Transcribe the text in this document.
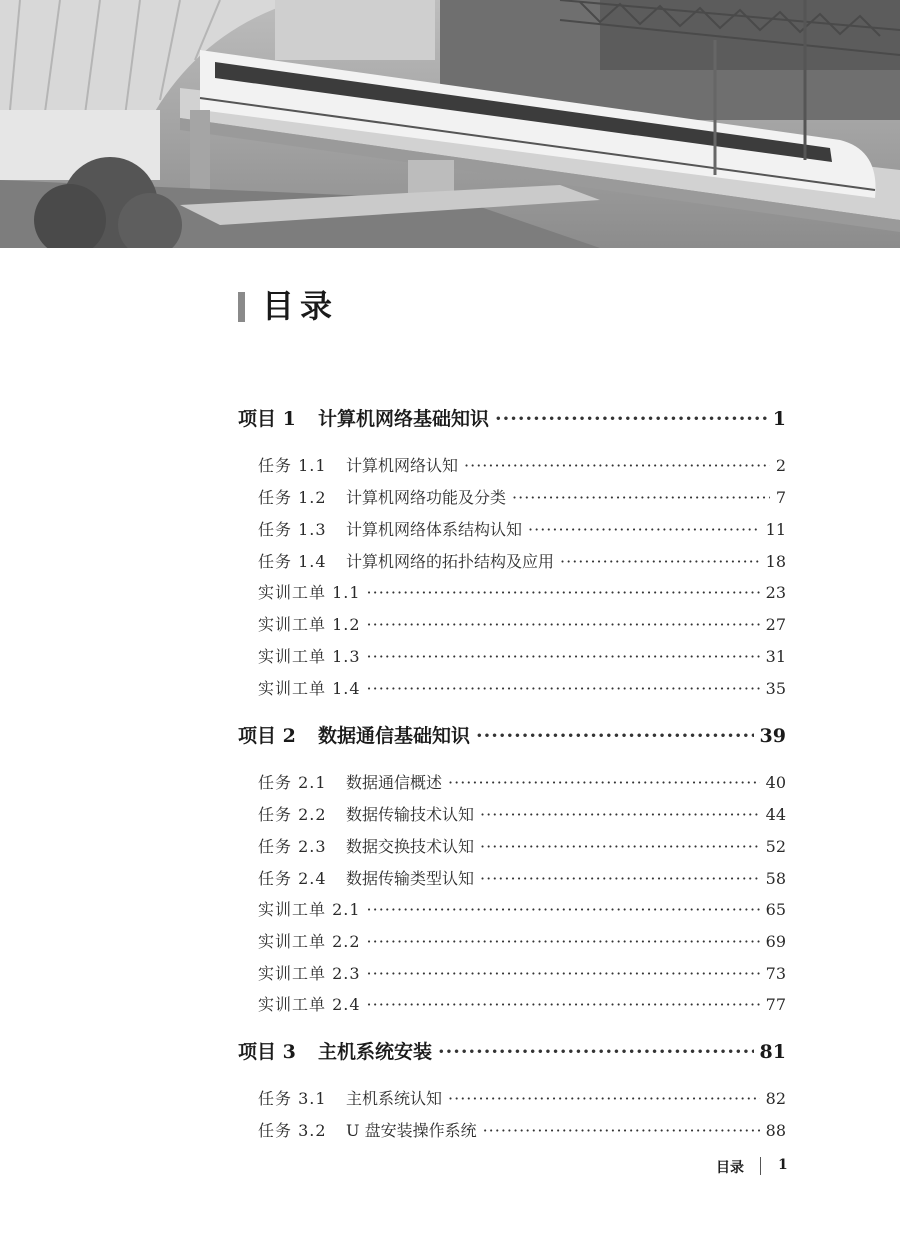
目录
项目 1	计算机网络基础知识 ·····	1
任务 1.1	计算机网络认知 ·····	2
任务 1.2	计算机网络功能及分类 ·····	7
任务 1.3	计算机网络体系结构认知 ·····	11
任务 1.4	计算机网络的拓扑结构及应用 ·····	18
实训工单 1.1 ·····	23
实训工单 1.2 ·····	27
实训工单 1.3 ·····	31
实训工单 1.4 ·····	35
项目 2	数据通信基础知识 ·····	39
任务 2.1	数据通信概述 ·····	40
任务 2.2	数据传输技术认知 ·····	44
任务 2.3	数据交换技术认知 ·····	52
任务 2.4	数据传输类型认知 ·····	58
实训工单 2.1 ·····	65
实训工单 2.2 ·····	69
实训工单 2.3 ·····	73
实训工单 2.4 ·····	77
项目 3	主机系统安装 ·····	81
任务 3.1	主机系统认知 ·····	82
任务 3.2	U 盘安装操作系统 ·····	88
目录 1
